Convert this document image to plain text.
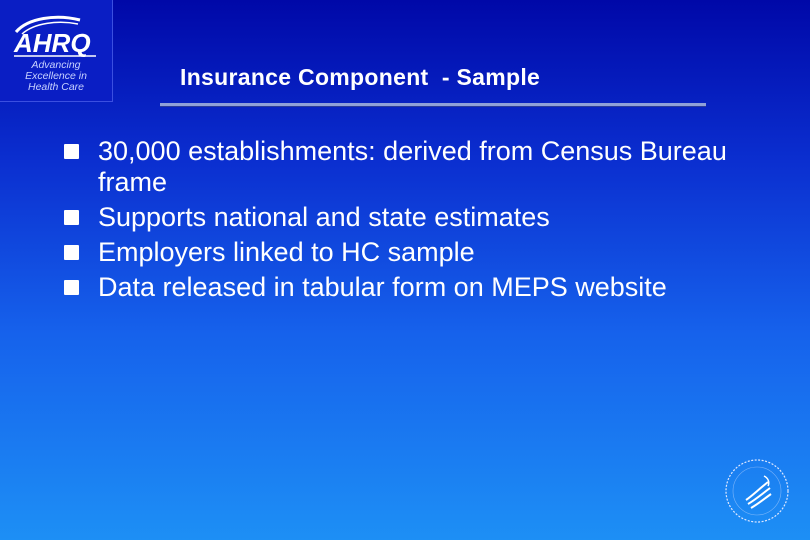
AHRQ
Advancing
Excellence in
Health Care	Insurance Component  - Sample
30,000 establishments: derived from Census Bureau frame
Supports national and state estimates
Employers linked to HC sample
Data released in tabular form on MEPS website
